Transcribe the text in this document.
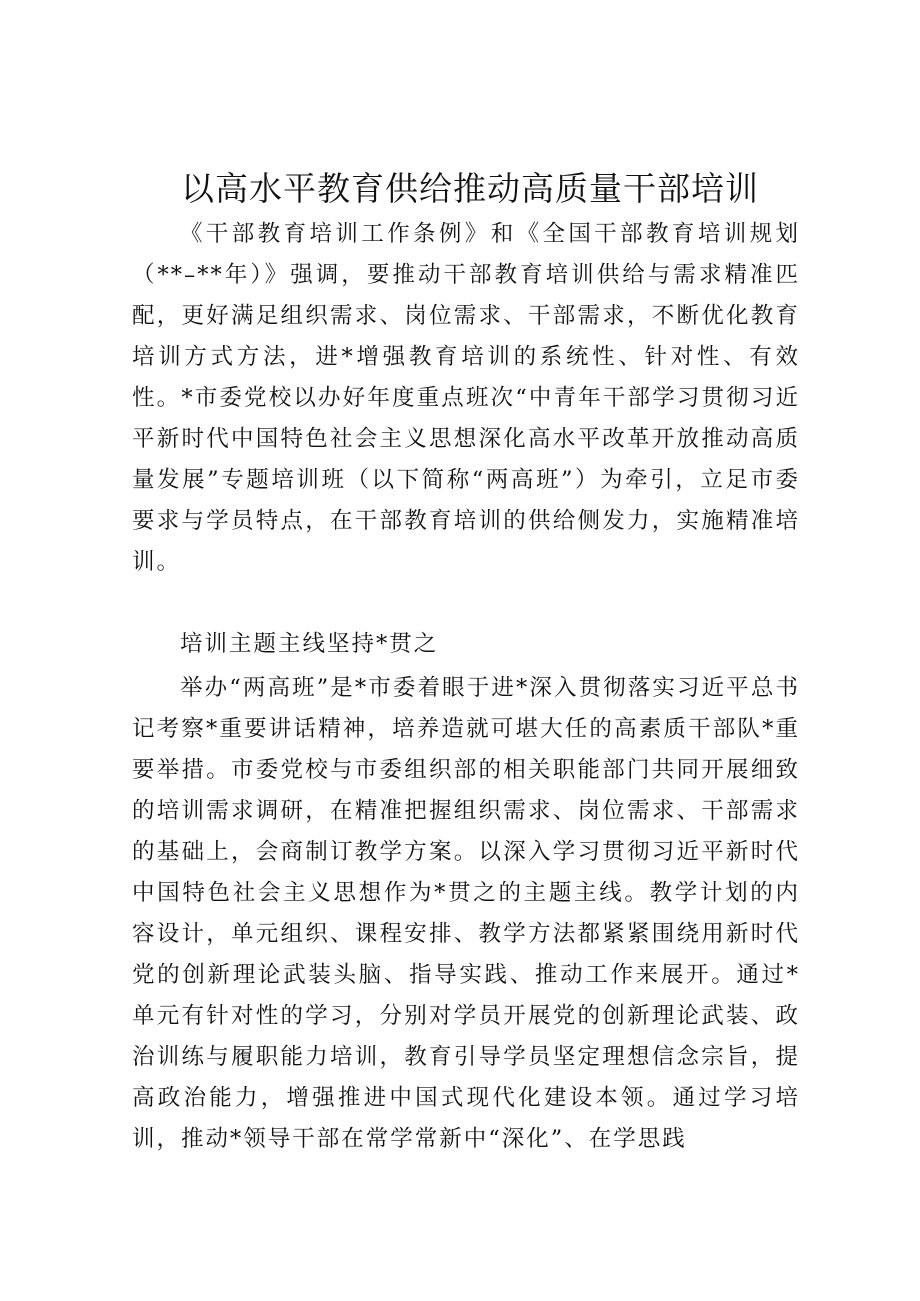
以高水平教育供给推动高质量干部培训

《干部教育培训工作条例》和《全国干部教育培训规划（**–**年）》强调，要推动干部教育培训供给与需求精准匹配，更好满足组织需求、岗位需求、干部需求，不断优化教育培训方式方法，进*增强教育培训的系统性、针对性、有效性。*市委党校以办好年度重点班次“中青年干部学习贯彻习近平新时代中国特色社会主义思想深化高水平改革开放推动高质量发展”专题培训班（以下简称“两高班”）为牵引，立足市委要求与学员特点，在干部教育培训的供给侧发力，实施精准培训。

培训主题主线坚持*贯之

举办“两高班”是*市委着眼于进*深入贯彻落实习近平总书记考察*重要讲话精神，培养造就可堪大任的高素质干部队*重要举措。市委党校与市委组织部的相关职能部门共同开展细致的培训需求调研，在精准把握组织需求、岗位需求、干部需求的基础上，会商制订教学方案。以深入学习贯彻习近平新时代中国特色社会主义思想作为*贯之的主题主线。教学计划的内容设计，单元组织、课程安排、教学方法都紧紧围绕用新时代党的创新理论武装头脑、指导实践、推动工作来展开。通过*单元有针对性的学习，分别对学员开展党的创新理论武装、政治训练与履职能力培训，教育引导学员坚定理想信念宗旨，提高政治能力，增强推进中国式现代化建设本领。通过学习培训，推动*领导干部在常学常新中“深化”、在学思践
